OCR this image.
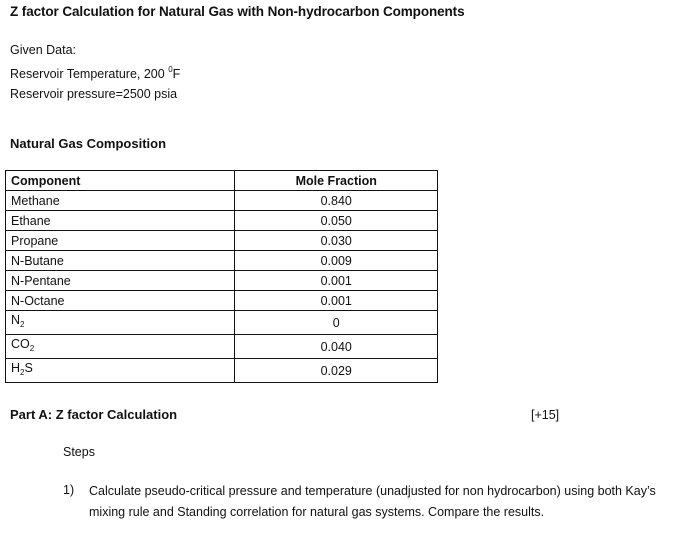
Z factor Calculation for Natural Gas with Non-hydrocarbon Components
Given Data:
Reservoir Temperature, 200 $^0$F
Reservoir pressure=2500 psia
Natural Gas Composition
Component	Mole Fraction
Methane	0.840
Ethane	0.050
Propane	0.030
N-Butane	0.009
N-Pentane	0.001
N-Octane	0.001
$N_2$	0
$CO_2$	0.040
$H_2S$	0.029
Part A: Z factor Calculation	[+15]
Steps
1) Calculate pseudo-critical pressure and temperature (unadjusted for non hydrocarbon) using both Kay’s mixing rule and Standing correlation for natural gas systems. Compare the results.
